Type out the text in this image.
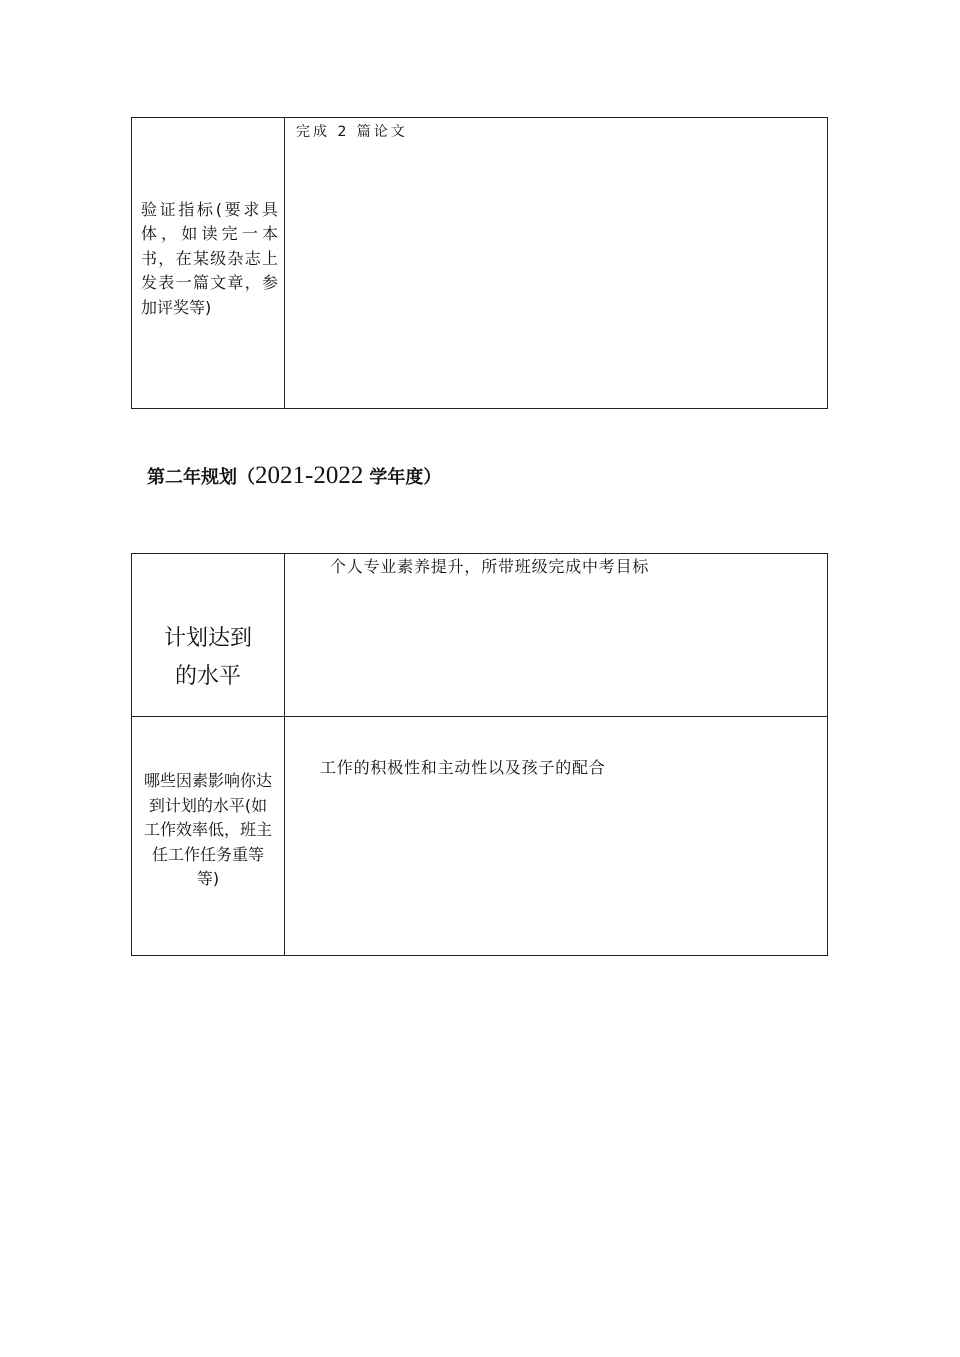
验证指标(要求具
体，如读完一本
书，在某级杂志上
发表一篇文章，参
加评奖等)
完成 2 篇论文
第二年规划（ 2021-2022 学年度）
计划达到
的水平
个人专业素养提升，所带班级完成中考目标
哪些因素影响你达
到计划的水平(如
工作效率低，班主
任工作任务重等
等)
工作的积极性和主动性以及孩子的配合
